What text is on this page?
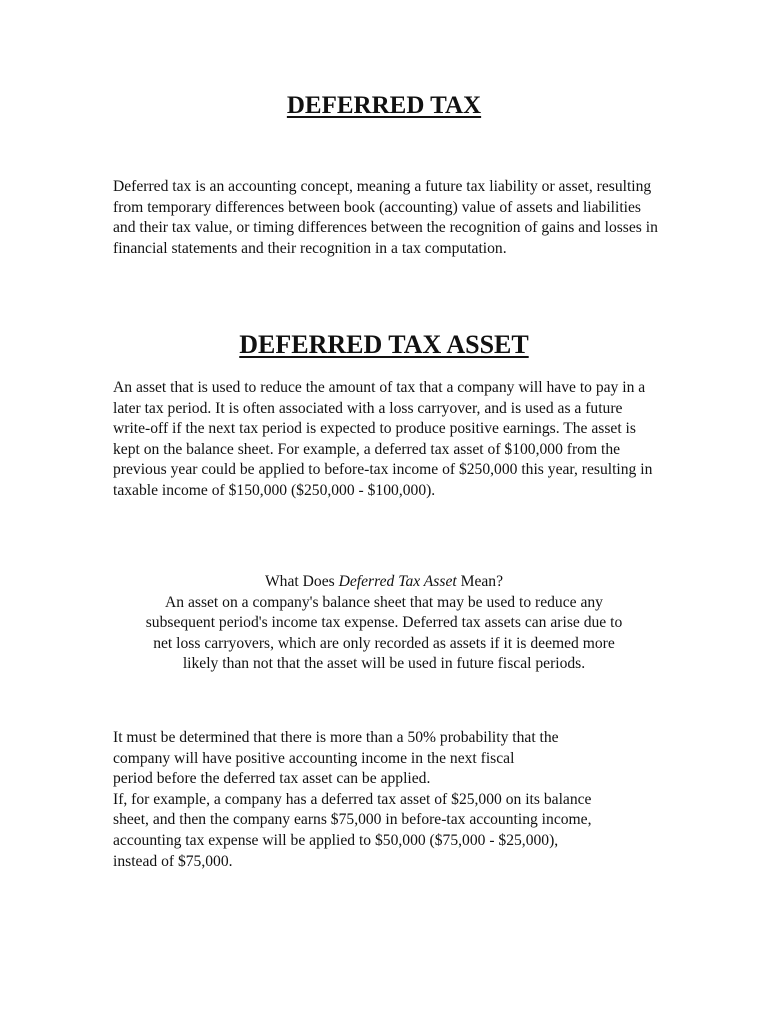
DEFERRED TAX

Deferred tax is an accounting concept, meaning a future tax liability or asset, resulting from temporary differences between book (accounting) value of assets and liabilities and their tax value, or timing differences between the recognition of gains and losses in financial statements and their recognition in a tax computation.

DEFERRED TAX ASSET

An asset that is used to reduce the amount of tax that a company will have to pay in a later tax period. It is often associated with a loss carryover, and is used as a future write-off if the next tax period is expected to produce positive earnings. The asset is kept on the balance sheet. For example, a deferred tax asset of $100,000 from the previous year could be applied to before-tax income of $250,000 this year, resulting in taxable income of $150,000 ($250,000 - $100,000).

What Does Deferred Tax Asset Mean?
An asset on a company's balance sheet that may be used to reduce any
subsequent period's income tax expense. Deferred tax assets can arise due to
net loss carryovers, which are only recorded as assets if it is deemed more
likely than not that the asset will be used in future fiscal periods.
It must be determined that there is more than a 50% probability that the
company will have positive accounting income in the next fiscal
period before the deferred tax asset can be applied.
If, for example, a company has a deferred tax asset of $25,000 on its balance
sheet, and then the company earns $75,000 in before-tax accounting income,
accounting tax expense will be applied to $50,000 ($75,000 - $25,000),
instead of $75,000.
